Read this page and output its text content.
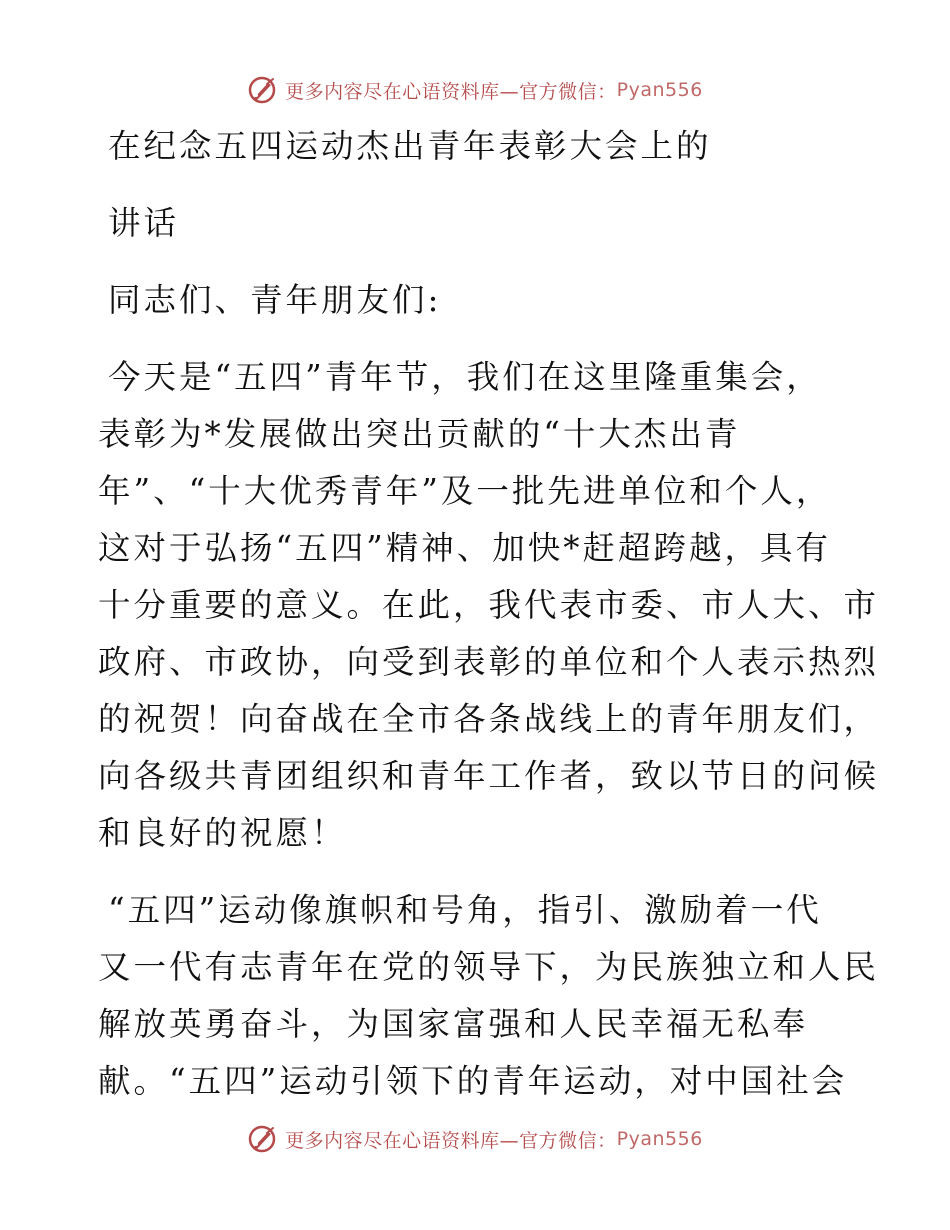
更多内容尽在心语资料库—官方微信： Pyan556

在纪念五四运动杰出青年表彰大会上的

讲话

同志们、青年朋友们:

今天是“五四”青年节，我们在这里隆重集会，

表彰为*发展做出突出贡献的“十大杰出青

年”、“十大优秀青年”及一批先进单位和个人，

这对于弘扬“五四”精神、加快*赶超跨越，具有

十分重要的意义。在此，我代表市委、市人大、市

政府、市政协，向受到表彰的单位和个人表示热烈

的祝贺！向奋战在全市各条战线上的青年朋友们，

向各级共青团组织和青年工作者，致以节日的问候

和良好的祝愿！

“五四”运动像旗帜和号角，指引、激励着一代

又一代有志青年在党的领导下，为民族独立和人民

解放英勇奋斗，为国家富强和人民幸福无私奉

献。“五四”运动引领下的青年运动，对中国社会

更多内容尽在心语资料库—官方微信： Pyan556
